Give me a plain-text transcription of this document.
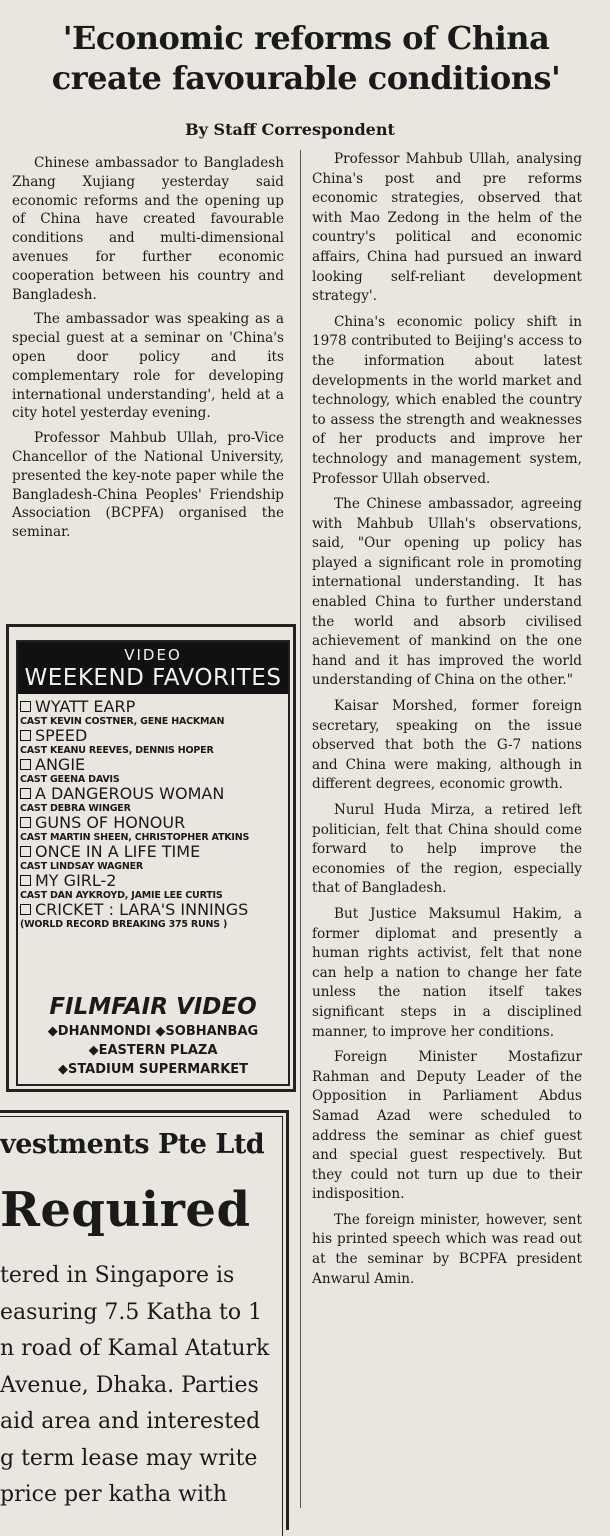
'Economic reforms of China
create favourable conditions'
By Staff Correspondent

Chinese ambassador to Bangladesh Zhang Xujiang yesterday said economic reforms and the opening up of China have created favourable conditions and multi-dimensional avenues for further economic cooperation between his country and Bangladesh.

The ambassador was speaking as a special guest at a seminar on 'China's open door policy and its complementary role for developing international understanding', held at a city hotel yesterday evening.

Professor Mahbub Ullah, pro-Vice Chancellor of the National University, presented the key-note paper while the Bangladesh-China Peoples' Friendship Association (BCPFA) organised the seminar.

Professor Mahbub Ullah, analysing China's post and pre reforms economic strategies, observed that with Mao Zedong in the helm of the country's political and economic affairs, China had pursued an inward looking self-reliant development strategy'.

China's economic policy shift in 1978 contributed to Beijing's access to the information about latest developments in the world market and technology, which enabled the country to assess the strength and weaknesses of her products and improve her technology and management system, Professor Ullah observed.

The Chinese ambassador, agreeing with Mahbub Ullah's observations, said, "Our opening up policy has played a significant role in promoting international understanding. It has enabled China to further understand the world and absorb civilised achievement of mankind on the one hand and it has improved the world understanding of China on the other."

Kaisar Morshed, former foreign secretary, speaking on the issue observed that both the G-7 nations and China were making, although in different degrees, economic growth.

Nurul Huda Mirza, a retired left politician, felt that China should come forward to help improve the economies of the region, especially that of Bangladesh.

But Justice Maksumul Hakim, a former diplomat and presently a human rights activist, felt that none can help a nation to change her fate unless the nation itself takes significant steps in a disciplined manner, to improve her conditions.

Foreign Minister Mostafizur Rahman and Deputy Leader of the Opposition in Parliament Abdus Samad Azad were scheduled to address the seminar as chief guest and special guest respectively. But they could not turn up due to their indisposition.

The foreign minister, however, sent his printed speech which was read out at the seminar by BCPFA president Anwarul Amin.

VIDEO
WEEKEND FAVORITES
WYATT EARP
CAST KEVIN COSTNER, GENE HACKMAN
SPEED
CAST KEANU REEVES, DENNIS HOPER
ANGIE
CAST GEENA DAVIS
A DANGEROUS WOMAN
CAST DEBRA WINGER
GUNS OF HONOUR
CAST MARTIN SHEEN, CHRISTOPHER ATKINS
ONCE IN A LIFE TIME
CAST LINDSAY WAGNER
MY GIRL-2
CAST DAN AYKROYD, JAMIE LEE CURTIS
CRICKET : LARA'S INNINGS
(WORLD RECORD BREAKING 375 RUNS )
FILMFAIR VIDEO
◆DHANMONDI ◆SOBHANBAG
◆EASTERN PLAZA
◆STADIUM SUPERMARKET
vestments Pte Ltd
Required
tered in Singapore is
easuring 7.5 Katha to 1
n road of Kamal Ataturk
Avenue, Dhaka. Parties
aid area and interested
g term lease may write
price per katha with
